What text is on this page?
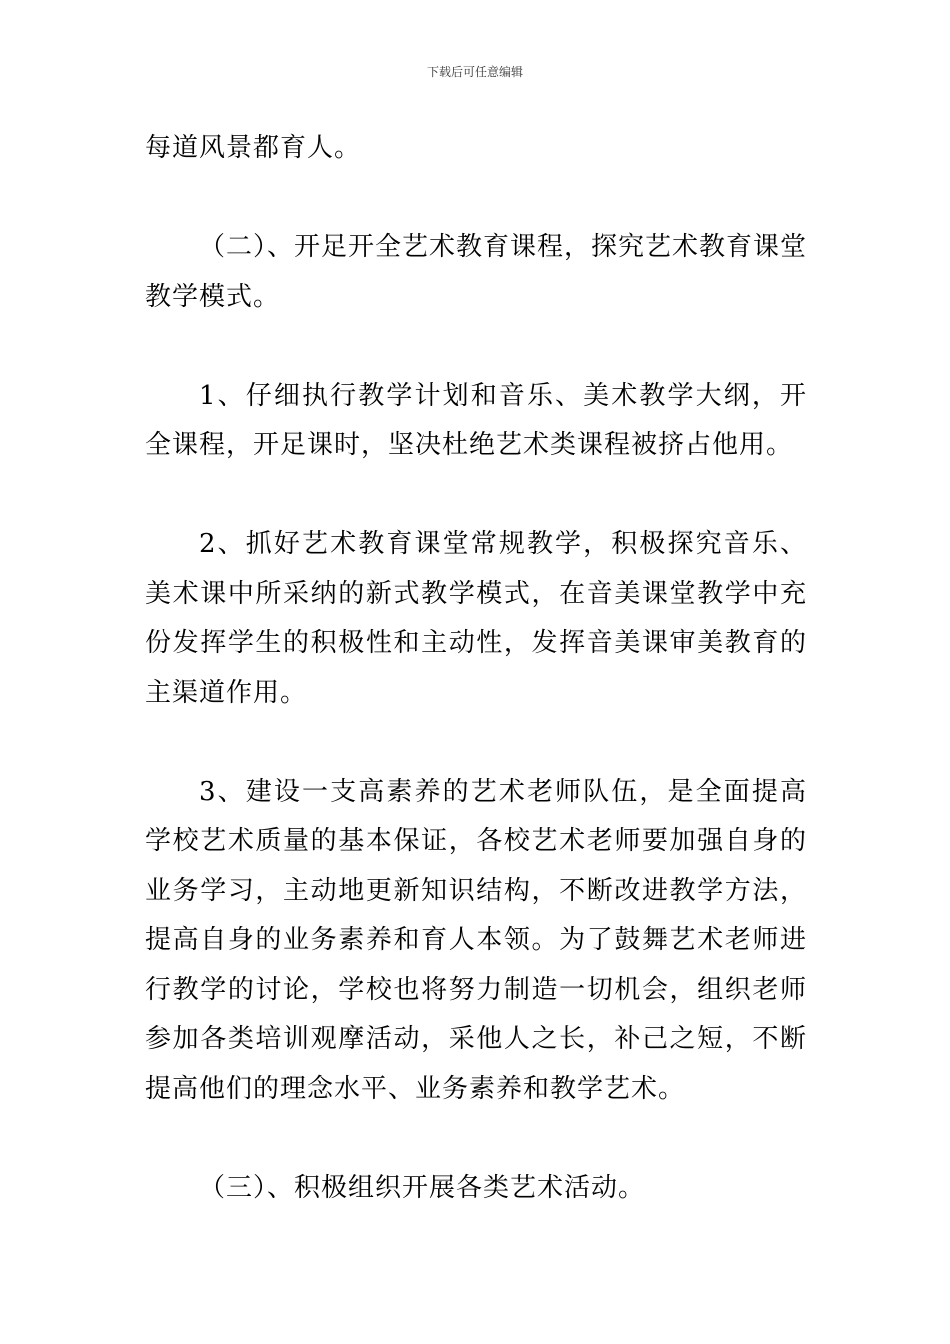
下载后可任意编辑

每道风景都育人。

（二）、开足开全艺术教育课程，探究艺术教育课堂教学模式。

1、仔细执行教学计划和音乐、美术教学大纲，开全课程，开足课时，坚决杜绝艺术类课程被挤占他用。

2、抓好艺术教育课堂常规教学，积极探究音乐、美术课中所采纳的新式教学模式，在音美课堂教学中充份发挥学生的积极性和主动性，发挥音美课审美教育的主渠道作用。

3、建设一支高素养的艺术老师队伍，是全面提高学校艺术质量的基本保证，各校艺术老师要加强自身的业务学习，主动地更新知识结构，不断改进教学方法，提高自身的业务素养和育人本领。为了鼓舞艺术老师进行教学的讨论，学校也将努力制造一切机会，组织老师参加各类培训观摩活动，采他人之长，补己之短，不断提高他们的理念水平、业务素养和教学艺术。

（三）、积极组织开展各类艺术活动。
